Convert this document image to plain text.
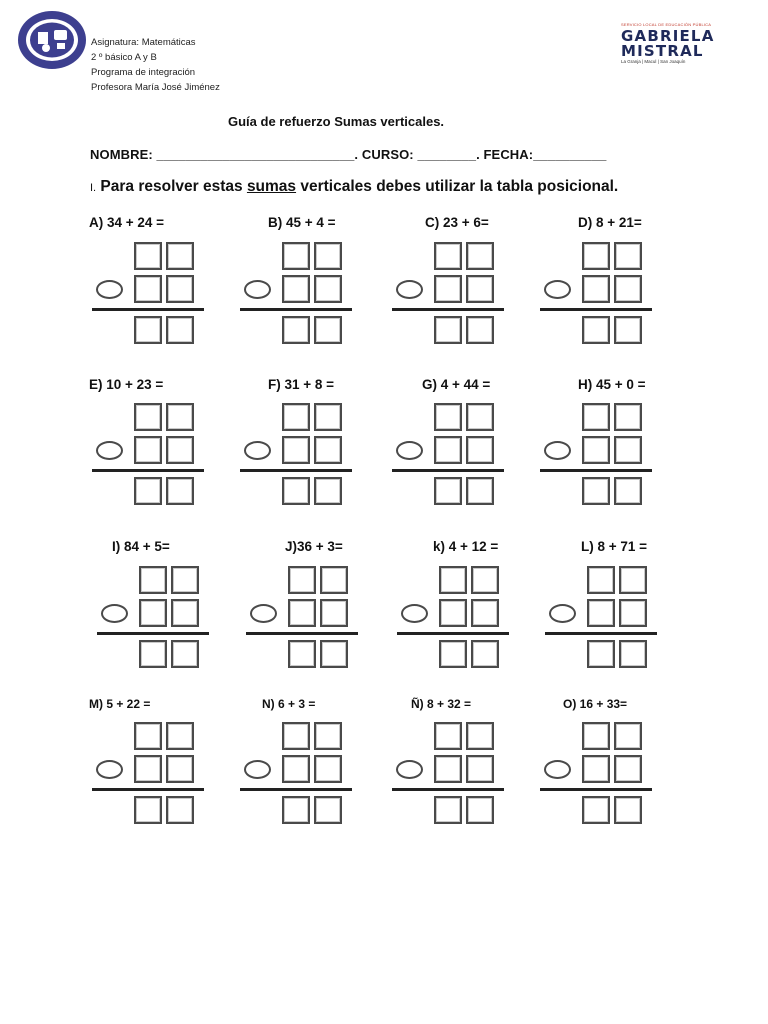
Asignatura: Matemáticas
2 º básico A y B
Programa de integración
Profesora María José Jiménez
SERVICIO LOCAL DE EDUCACIÓN PÚBLICA
GABRIELA
MISTRAL
La Granja | Macul | San Joaquín
Guía de refuerzo Sumas verticales.
NOMBRE: ___________________________. CURSO: ________. FECHA:__________
I. Para resolver estas sumas verticales debes utilizar la tabla posicional.
A) 34 + 24 =	B) 45 + 4 =	C) 23 + 6=	D) 8 + 21=
E) 10 + 23 =	F) 31 + 8 =	G) 4 + 44 =	H) 45 + 0 =
I) 84 + 5=	J)36 + 3=	k) 4 + 12 =	L) 8 + 71 =
M) 5 + 22 =	N) 6 + 3 =	Ñ) 8 + 32 =	O) 16 + 33=
